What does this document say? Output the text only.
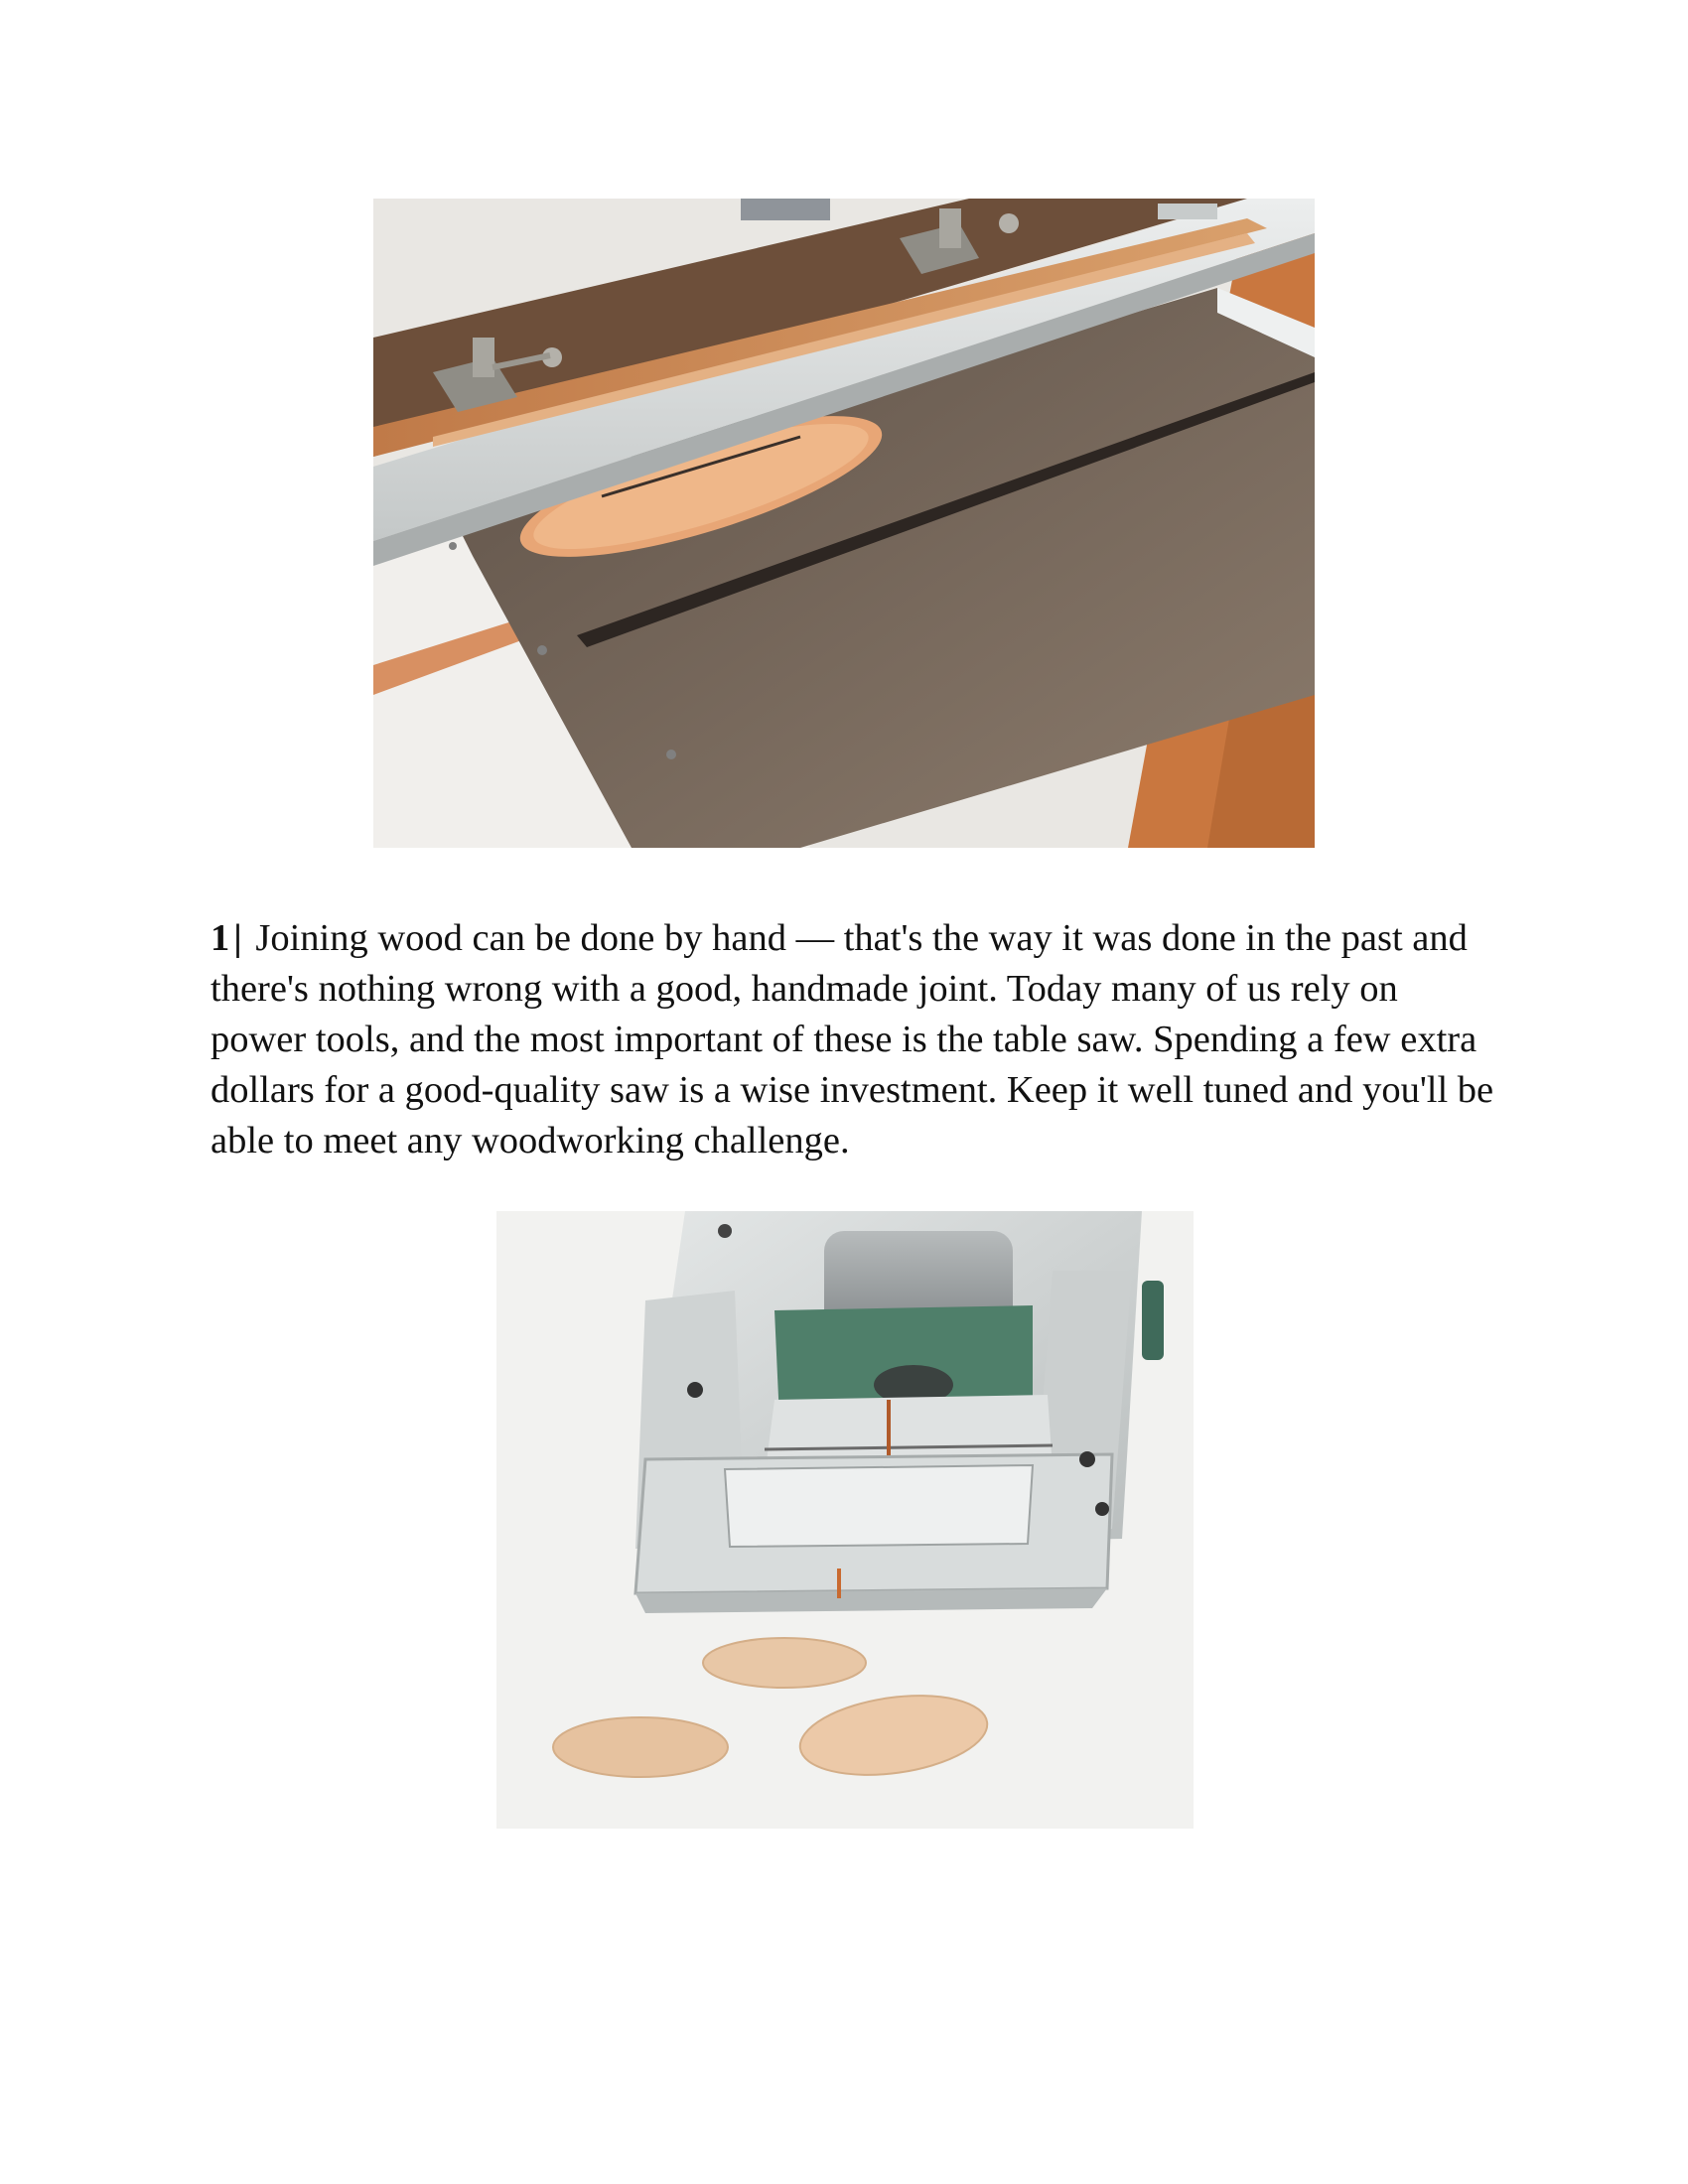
1 | Joining wood can be done by hand — that's the way it was done in the past and there's nothing wrong with a good, handmade joint. Today many of us rely on power tools, and the most important of these is the table saw. Spending a few extra dollars for a good-quality saw is a wise investment. Keep it well tuned and you'll be able to meet any woodworking challenge.
